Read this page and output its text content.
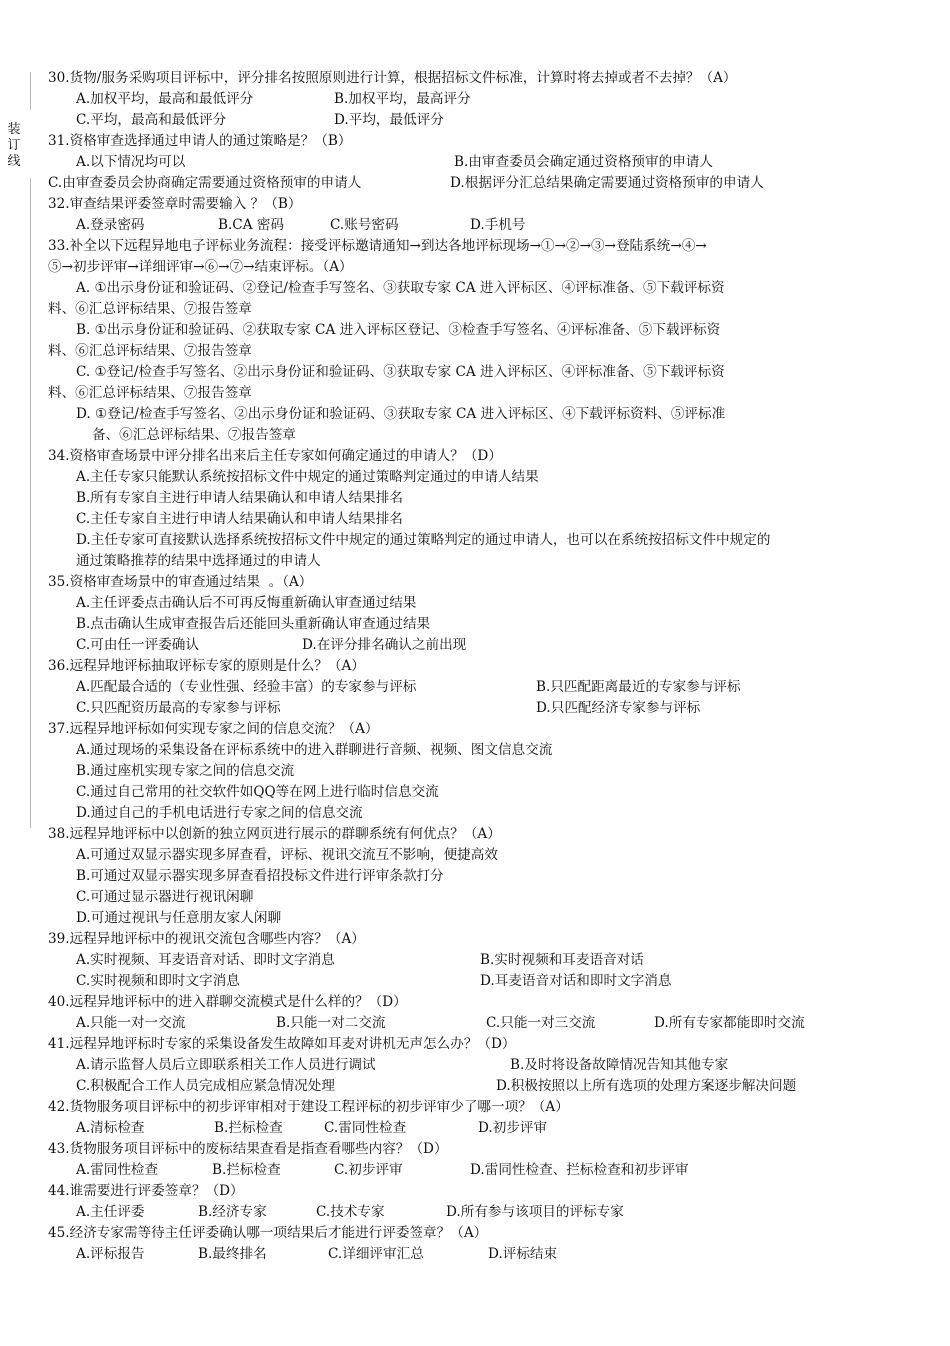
装
订
线
30.货物/服务采购项目评标中，评分排名按照原则进行计算，根据招标文件标准，计算时将去掉或者不去掉？（A）
A.加权平均，最高和最低评分	B.加权平均，最高评分
C.平均，最高和最低评分	D.平均，最低评分
31.资格审查选择通过申请人的通过策略是？（B）
A.以下情况均可以	B.由审查委员会确定通过资格预审的申请人
C.由审查委员会协商确定需要通过资格预审的申请人	D.根据评分汇总结果确定需要通过资格预审的申请人
32.审查结果评委签章时需要输入 ？（B）
A.登录密码	B.CA 密码	C.账号密码	D.手机号
33.补全以下远程异地电子评标业务流程：接受评标邀请通知→到达各地评标现场→①→②→③→登陆系统→④→
⑤→初步评审→详细评审→⑥→⑦→结束评标。（A）
A. ①出示身份证和验证码、②登记/检查手写签名、③获取专家 CA 进入评标区、④评标准备、⑤下载评标资
料、⑥汇总评标结果、⑦报告签章
B. ①出示身份证和验证码、②获取专家 CA 进入评标区登记、③检查手写签名、④评标准备、⑤下载评标资
料、⑥汇总评标结果、⑦报告签章
C. ①登记/检查手写签名、②出示身份证和验证码、③获取专家 CA 进入评标区、④评标准备、⑤下载评标资
料、⑥汇总评标结果、⑦报告签章
D. ①登记/检查手写签名、②出示身份证和验证码、③获取专家 CA 进入评标区、④下载评标资料、⑤评标准
备、⑥汇总评标结果、⑦报告签章
34.资格审查场景中评分排名出来后主任专家如何确定通过的申请人？（D）
A.主任专家只能默认系统按招标文件中规定的通过策略判定通过的申请人结果
B.所有专家自主进行申请人结果确认和申请人结果排名
C.主任专家自主进行申请人结果确认和申请人结果排名
D.主任专家可直接默认选择系统按招标文件中规定的通过策略判定的通过申请人，也可以在系统按招标文件中规定的
通过策略推荐的结果中选择通过的申请人
35.资格审查场景中的审查通过结果  。（A）
A.主任评委点击确认后不可再反悔重新确认审查通过结果
B.点击确认生成审查报告后还能回头重新确认审查通过结果
C.可由任一评委确认	D.在评分排名确认之前出现
36.远程异地评标抽取评标专家的原则是什么？（A）
A.匹配最合适的（专业性强、经验丰富）的专家参与评标	B.只匹配距离最近的专家参与评标
C.只匹配资历最高的专家参与评标	D.只匹配经济专家参与评标
37.远程异地评标如何实现专家之间的信息交流？（A）
A.通过现场的采集设备在评标系统中的进入群聊进行音频、视频、图文信息交流
B.通过座机实现专家之间的信息交流
C.通过自己常用的社交软件如QQ等在网上进行临时信息交流
D.通过自己的手机电话进行专家之间的信息交流
38.远程异地评标中以创新的独立网页进行展示的群聊系统有何优点？（A）
A.可通过双显示器实现多屏查看，评标、视讯交流互不影响，便捷高效
B.可通过双显示器实现多屏查看招投标文件进行评审条款打分
C.可通过显示器进行视讯闲聊
D.可通过视讯与任意朋友家人闲聊
39.远程异地评标中的视讯交流包含哪些内容？（A）
A.实时视频、耳麦语音对话、即时文字消息	B.实时视频和耳麦语音对话
C.实时视频和即时文字消息	D.耳麦语音对话和即时文字消息
40.远程异地评标中的进入群聊交流模式是什么样的？（D）
A.只能一对一交流	B.只能一对二交流	C.只能一对三交流	D.所有专家都能即时交流
41.远程异地评标时专家的采集设备发生故障如耳麦对讲机无声怎么办？（D）
A.请示监督人员后立即联系相关工作人员进行调试	B.及时将设备故障情况告知其他专家
C.积极配合工作人员完成相应紧急情况处理	D.积极按照以上所有选项的处理方案逐步解决问题
42.货物服务项目评标中的初步评审相对于建设工程评标的初步评审少了哪一项？（A）
A.清标检查	B.拦标检查	C.雷同性检查	D.初步评审
43.货物服务项目评标中的废标结果查看是指查看哪些内容？（D）
A.雷同性检查	B.拦标检查	C.初步评审	D.雷同性检查、拦标检查和初步评审
44.谁需要进行评委签章？（D）
A.主任评委	B.经济专家	C.技术专家	D.所有参与该项目的评标专家
45.经济专家需等待主任评委确认哪一项结果后才能进行评委签章？（A）
A.评标报告	B.最终排名	C.详细评审汇总	D.评标结束
